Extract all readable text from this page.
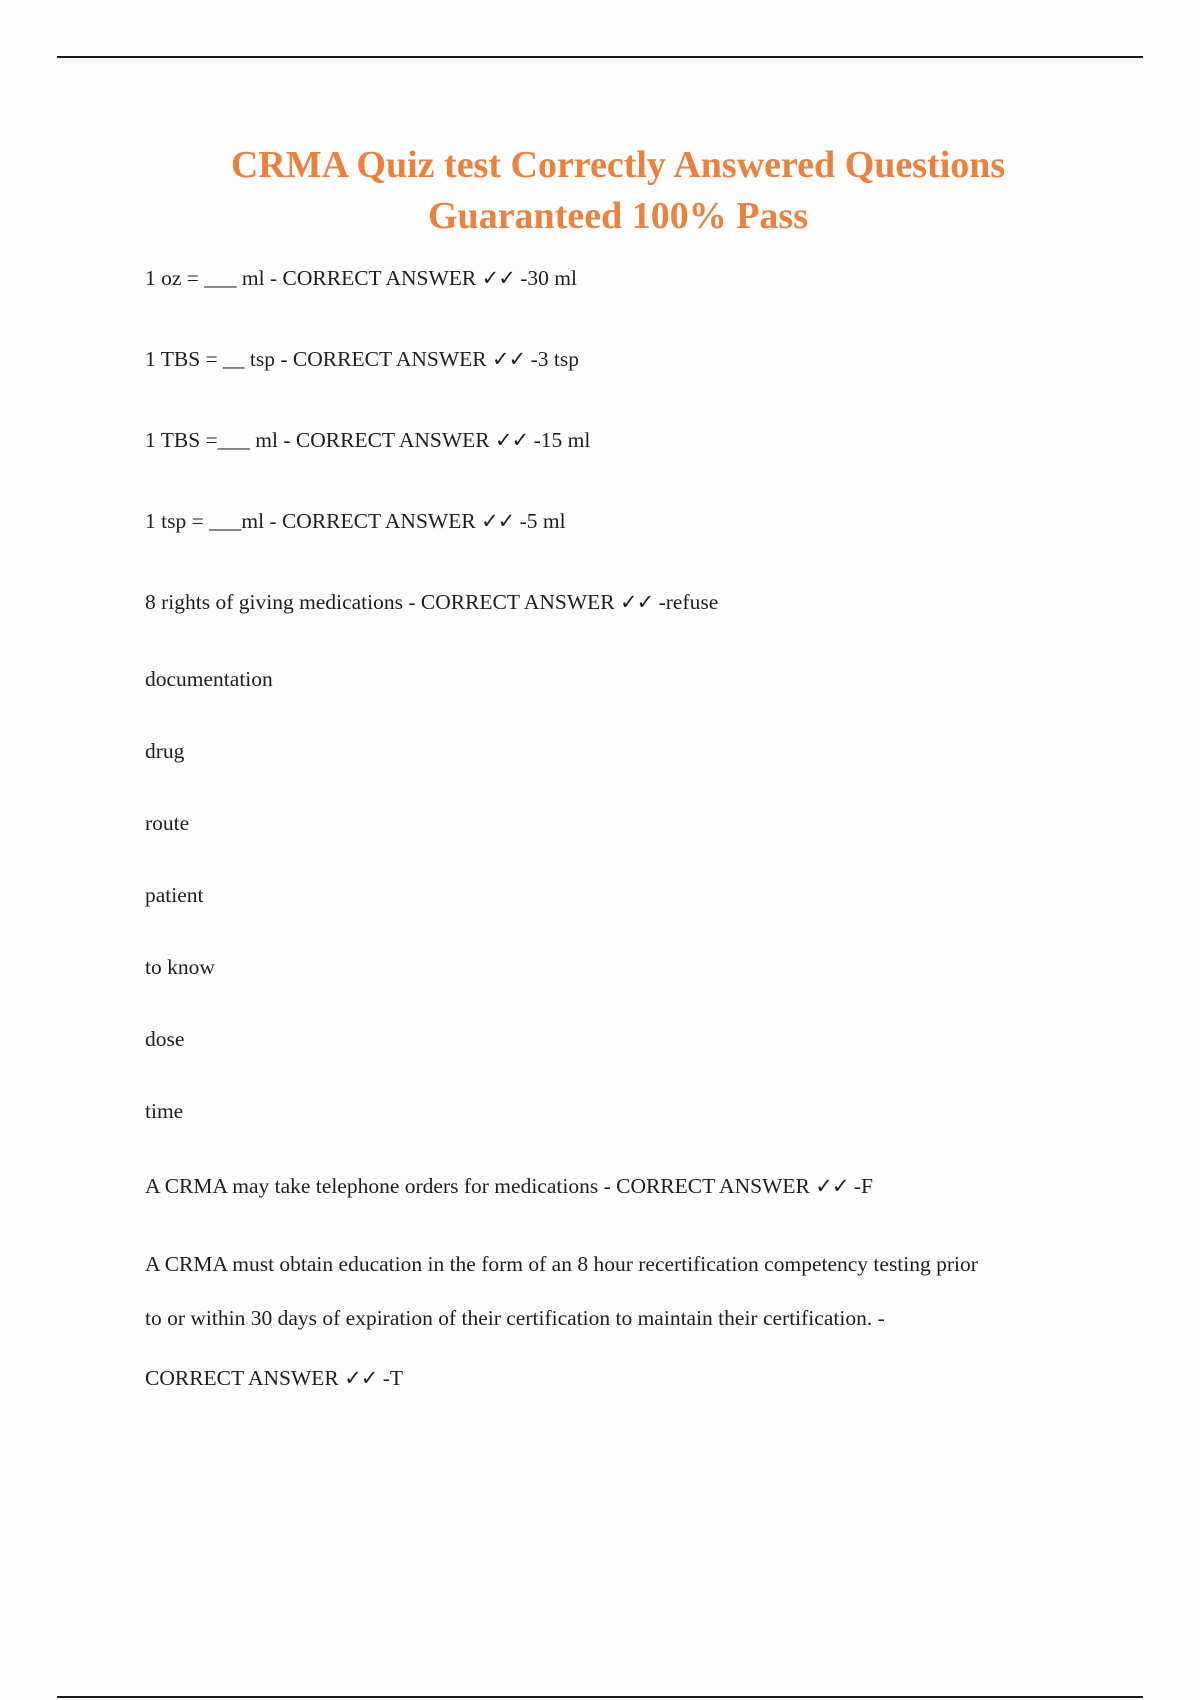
CRMA Quiz test Correctly Answered Questions
Guaranteed 100% Pass
1 oz = ___ ml - CORRECT ANSWER ✓✓ -30 ml
1 TBS = __ tsp - CORRECT ANSWER ✓✓ -3 tsp
1 TBS =___ ml - CORRECT ANSWER ✓✓ -15 ml
1 tsp = ___ml - CORRECT ANSWER ✓✓ -5 ml
8 rights of giving medications - CORRECT ANSWER ✓✓ -refuse
documentation
drug
route
patient
to know
dose
time
A CRMA may take telephone orders for medications - CORRECT ANSWER ✓✓ -F
A CRMA must obtain education in the form of an 8 hour recertification competency testing prior
to or within 30 days of expiration of their certification to maintain their certification. -
CORRECT ANSWER ✓✓ -T
